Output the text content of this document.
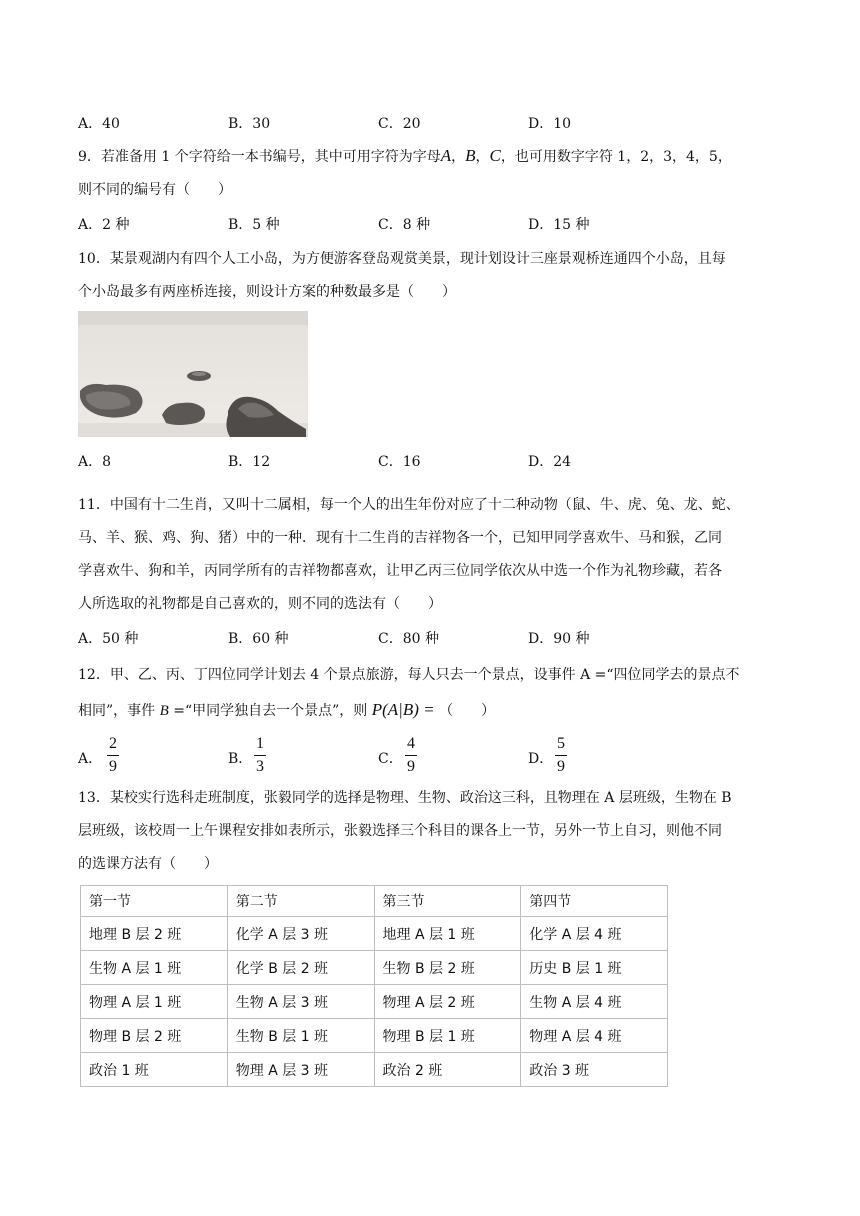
A．40	B．30	C．20	D．10
9．若准备用 1 个字符给一本书编号，其中可用字符为字母A，B，C，也可用数字字符 1，2，3，4，5，
则不同的编号有（　　）
A．2 种	B．5 种	C．8 种	D．15 种
10．某景观湖内有四个人工小岛，为方便游客登岛观赏美景，现计划设计三座景观桥连通四个小岛，且每
个小岛最多有两座桥连接，则设计方案的种数最多是（　　）
A．8	B．12	C．16	D．24
11．中国有十二生肖，又叫十二属相，每一个人的出生年份对应了十二种动物（鼠、牛、虎、兔、龙、蛇、
马、羊、猴、鸡、狗、猪）中的一种．现有十二生肖的吉祥物各一个，已知甲同学喜欢牛、马和猴，乙同
学喜欢牛、狗和羊，丙同学所有的吉祥物都喜欢，让甲乙丙三位同学依次从中选一个作为礼物珍藏，若各
人所选取的礼物都是自己喜欢的，则不同的选法有（　　）
A．50 种	B．60 种	C．80 种	D．90 种
12．甲、乙、丙、丁四位同学计划去 4 个景点旅游，每人只去一个景点，设事件 A =“四位同学去的景点不
相同”，事件 B =“甲同学独自去一个景点”，则 P(A|B) = （　　）
A．
2
9	B．
1
3	C．
4
9	D．
5
9
13．某校实行选科走班制度，张毅同学的选择是物理、生物、政治这三科，且物理在 A 层班级，生物在 B
层班级，该校周一上午课程安排如表所示，张毅选择三个科目的课各上一节，另外一节上自习，则他不同
的选课方法有（　　）
第一节	第二节	第三节	第四节
地理 B 层 2 班	化学 A 层 3 班	地理 A 层 1 班	化学 A 层 4 班
生物 A 层 1 班	化学 B 层 2 班	生物 B 层 2 班	历史 B 层 1 班
物理 A 层 1 班	生物 A 层 3 班	物理 A 层 2 班	生物 A 层 4 班
物理 B 层 2 班	生物 B 层 1 班	物理 B 层 1 班	物理 A 层 4 班
政治 1 班	物理 A 层 3 班	政治 2 班	政治 3 班
